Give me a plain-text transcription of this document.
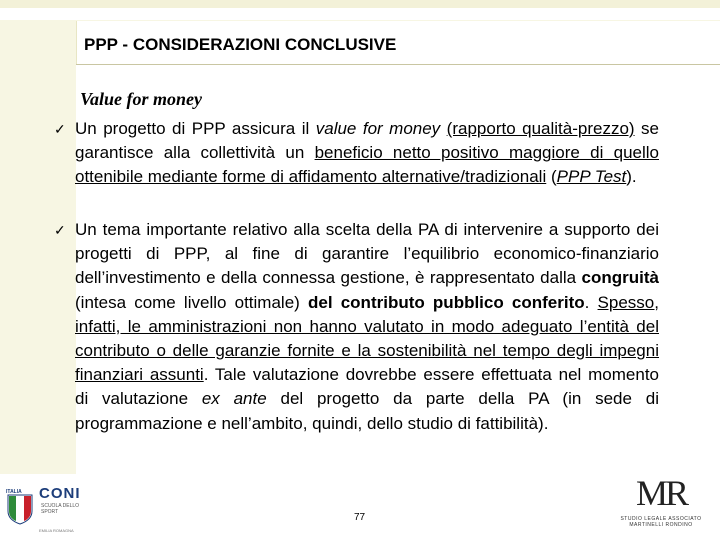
PPP - CONSIDERAZIONI CONCLUSIVE
Value for money
✓ Un progetto di PPP assicura il value for money (rapporto qualità-prezzo) se garantisce alla collettività un beneficio netto positivo maggiore di quello ottenibile mediante forme di affidamento alternative/tradizionali (PPP Test).
✓ Un tema importante relativo alla scelta della PA di intervenire a supporto dei progetti di PPP, al fine di garantire l’equilibrio economico-finanziario dell’investimento e della connessa gestione, è rappresentato dalla congruità (intesa come livello ottimale) del contributo pubblico conferito. Spesso, infatti, le amministrazioni non hanno valutato in modo adeguato l’entità del contributo o delle garanzie fornite e la sostenibilità nel tempo degli impegni finanziari assunti. Tale valutazione dovrebbe essere effettuata nel momento di valutazione ex ante del progetto da parte della PA (in sede di programmazione e nell’ambito, quindi, dello studio di fattibilità).
ITALIA CONI
SCUOLA DELLO SPORT
EMILIA ROMAGNA
77
MR
STUDIO LEGALE ASSOCIATO MARTINELLI RONDINO
